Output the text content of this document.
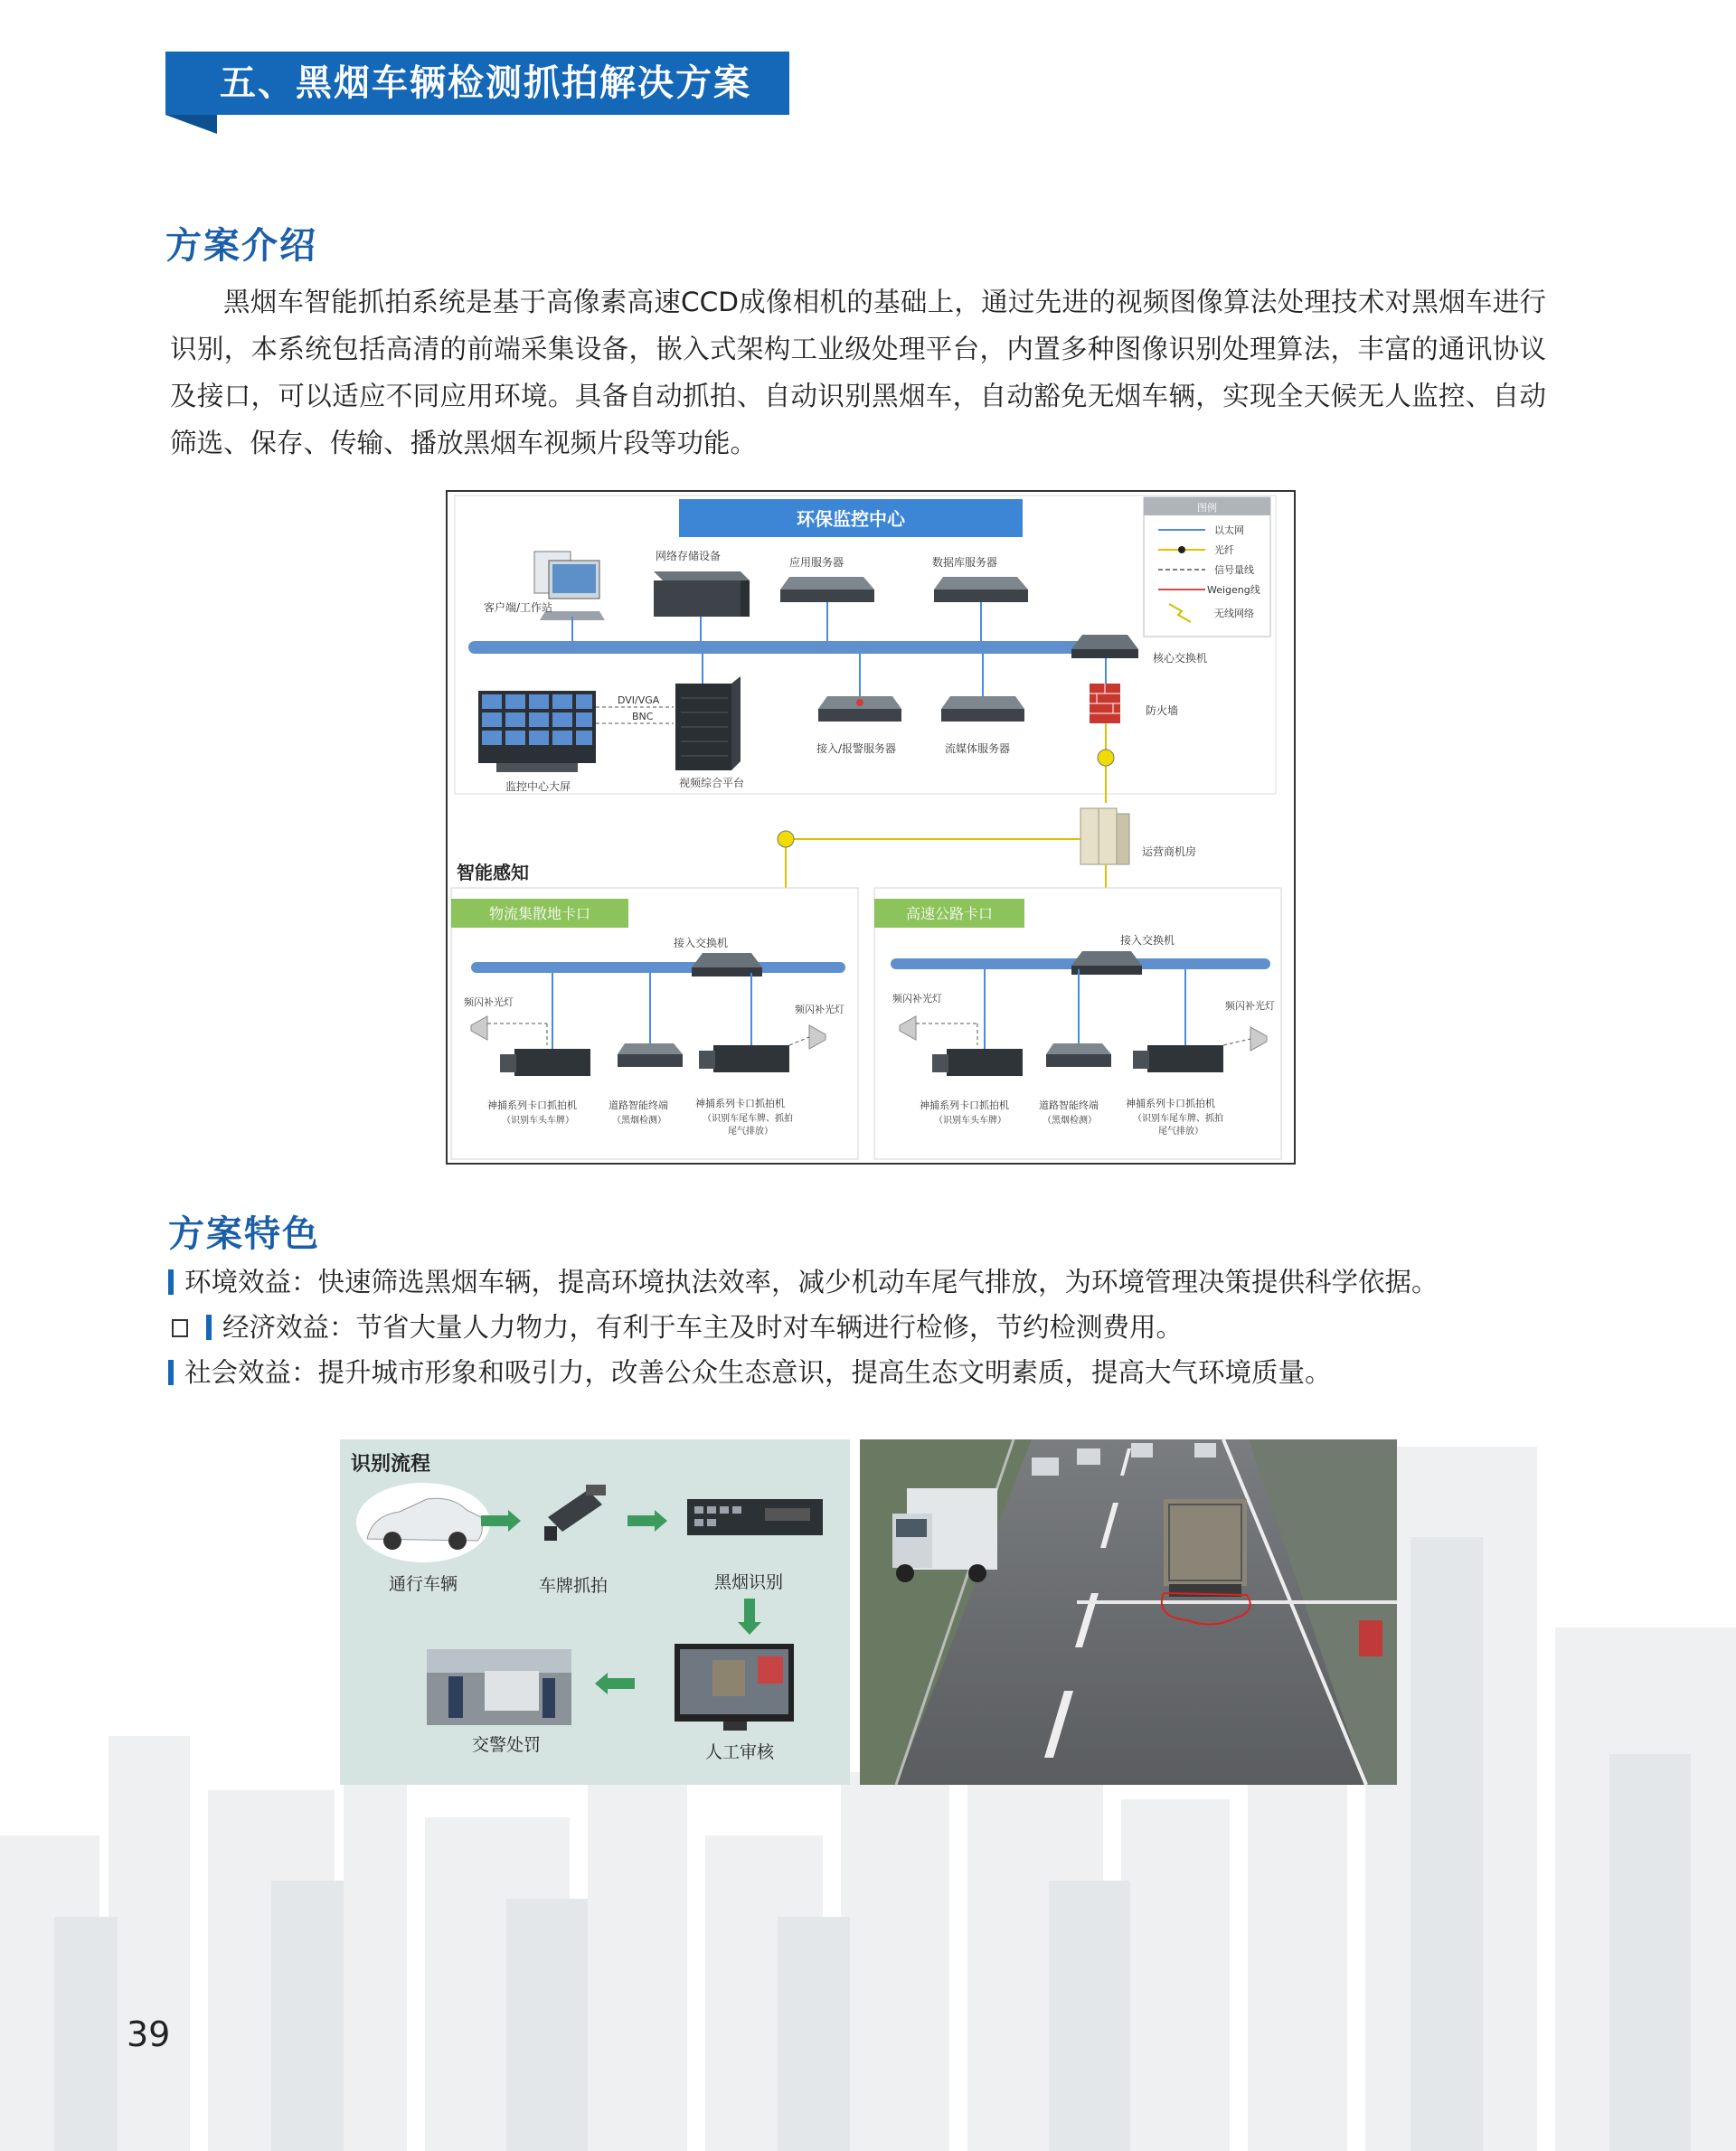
五、黑烟车辆检测抓拍解决方案
方案介绍

黑烟车智能抓拍系统是基于高像素高速CCD成像相机的基础上，通过先进的视频图像算法处理技术对黑烟车进行识别，本系统包括高清的前端采集设备，嵌入式架构工业级处理平台，内置多种图像识别处理算法，丰富的通讯协议及接口，可以适应不同应用环境。具备自动抓拍、自动识别黑烟车，自动豁免无烟车辆，实现全天候无人监控、自动筛选、保存、传输、播放黑烟车视频片段等功能。

环保监控中心
图例
以太网
光纤
信号量线
Weigeng线
无线网络
客户端/工作站
网络存储设备	应用服务器	数据库服务器
核心交换机
防火墙
监控中心大屏
DVI/VGA
BNC
视频综合平台
接入/报警服务器	流媒体服务器
运营商机房
智能感知
物流集散地卡口
接入交换机
频闪补光灯
频闪补光灯
神捕系列卡口抓拍机
（识别车头车牌）
道路智能终端
（黑烟检测）
神捕系列卡口抓拍机
（识别车尾车牌、抓拍
尾气排放）
高速公路卡口
接入交换机
频闪补光灯
频闪补光灯
神捕系列卡口抓拍机
（识别车头车牌）
道路智能终端
（黑烟检测）
神捕系列卡口抓拍机
（识别车尾车牌、抓拍
尾气排放）
方案特色
环境效益：快速筛选黑烟车辆，提高环境执法效率，减少机动车尾气排放，为环境管理决策提供科学依据。
经济效益：节省大量人力物力，有利于车主及时对车辆进行检修，节约检测费用。
社会效益：提升城市形象和吸引力，改善公众生态意识，提高生态文明素质，提高大气环境质量。
识别流程
通行车辆	车牌抓拍	黑烟识别
人工审核
交警处罚
39
